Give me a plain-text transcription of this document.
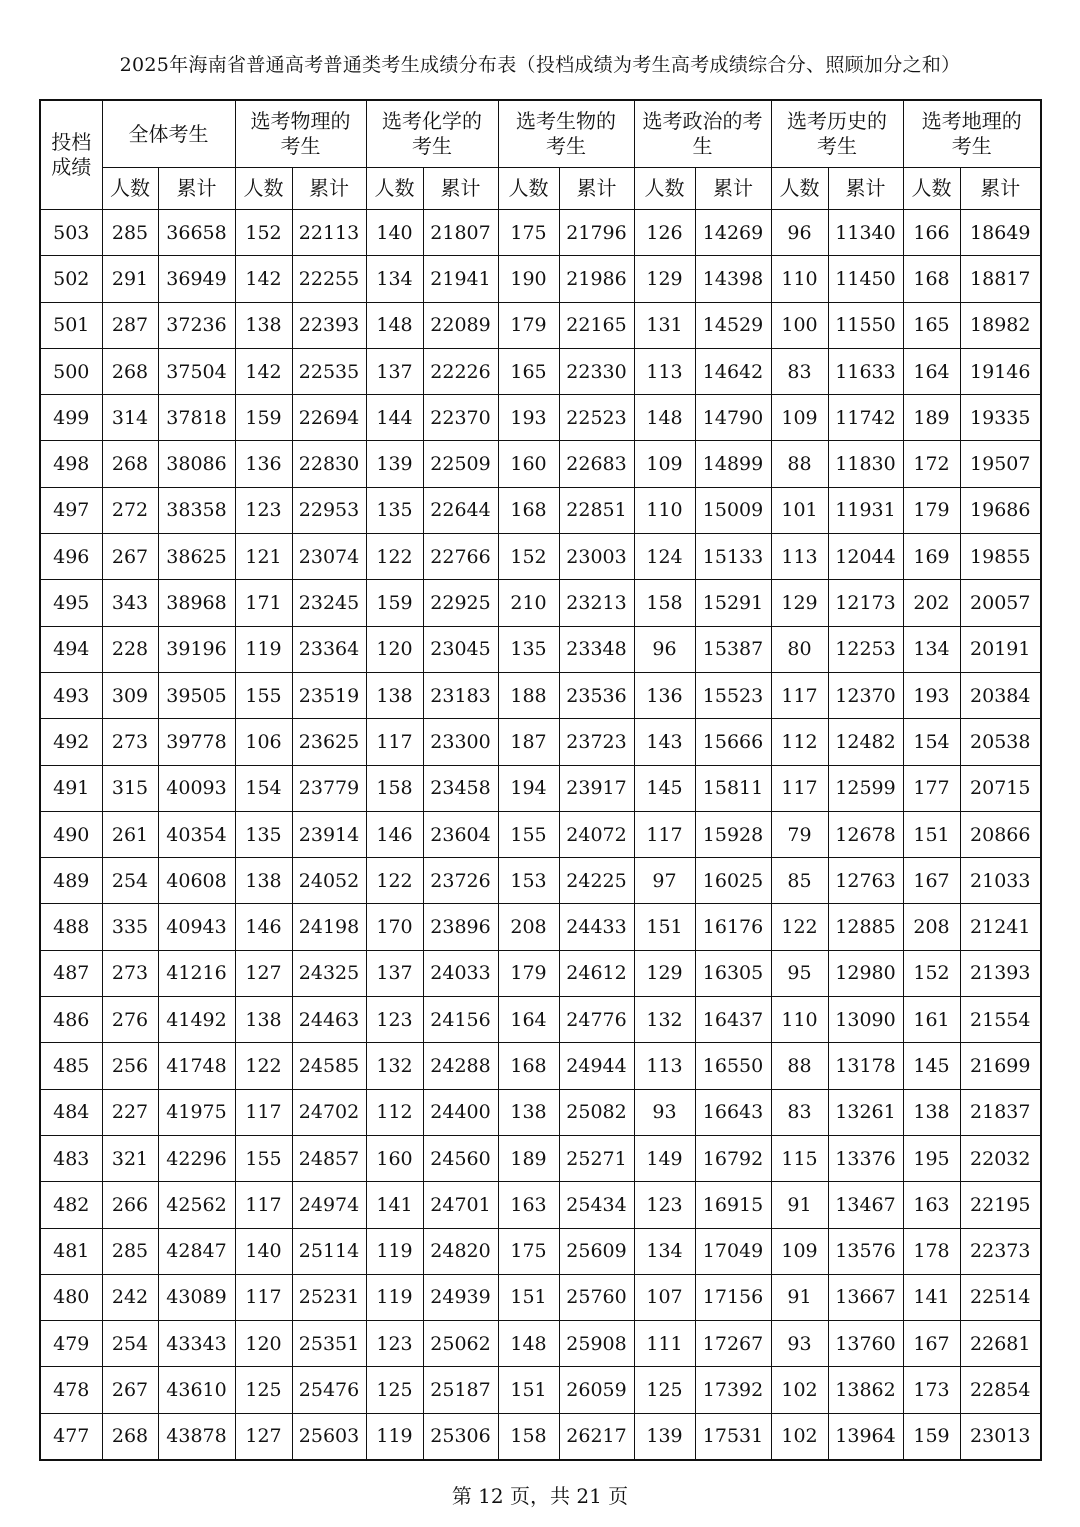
2025年海南省普通高考普通类考生成绩分布表（投档成绩为考生高考成绩综合分、照顾加分之和）
投档成绩	全体考生		选考物理的考生		选考化学的考生		选考生物的考生		选考政治的考生		选考历史的考生		选考地理的考生	
	人数	累计	人数	累计	人数	累计	人数	累计	人数	累计	人数	累计	人数	累计
503	285	36658	152	22113	140	21807	175	21796	126	14269	96	11340	166	18649
502	291	36949	142	22255	134	21941	190	21986	129	14398	110	11450	168	18817
501	287	37236	138	22393	148	22089	179	22165	131	14529	100	11550	165	18982
500	268	37504	142	22535	137	22226	165	22330	113	14642	83	11633	164	19146
499	314	37818	159	22694	144	22370	193	22523	148	14790	109	11742	189	19335
498	268	38086	136	22830	139	22509	160	22683	109	14899	88	11830	172	19507
497	272	38358	123	22953	135	22644	168	22851	110	15009	101	11931	179	19686
496	267	38625	121	23074	122	22766	152	23003	124	15133	113	12044	169	19855
495	343	38968	171	23245	159	22925	210	23213	158	15291	129	12173	202	20057
494	228	39196	119	23364	120	23045	135	23348	96	15387	80	12253	134	20191
493	309	39505	155	23519	138	23183	188	23536	136	15523	117	12370	193	20384
492	273	39778	106	23625	117	23300	187	23723	143	15666	112	12482	154	20538
491	315	40093	154	23779	158	23458	194	23917	145	15811	117	12599	177	20715
490	261	40354	135	23914	146	23604	155	24072	117	15928	79	12678	151	20866
489	254	40608	138	24052	122	23726	153	24225	97	16025	85	12763	167	21033
488	335	40943	146	24198	170	23896	208	24433	151	16176	122	12885	208	21241
487	273	41216	127	24325	137	24033	179	24612	129	16305	95	12980	152	21393
486	276	41492	138	24463	123	24156	164	24776	132	16437	110	13090	161	21554
485	256	41748	122	24585	132	24288	168	24944	113	16550	88	13178	145	21699
484	227	41975	117	24702	112	24400	138	25082	93	16643	83	13261	138	21837
483	321	42296	155	24857	160	24560	189	25271	149	16792	115	13376	195	22032
482	266	42562	117	24974	141	24701	163	25434	123	16915	91	13467	163	22195
481	285	42847	140	25114	119	24820	175	25609	134	17049	109	13576	178	22373
480	242	43089	117	25231	119	24939	151	25760	107	17156	91	13667	141	22514
479	254	43343	120	25351	123	25062	148	25908	111	17267	93	13760	167	22681
478	267	43610	125	25476	125	25187	151	26059	125	17392	102	13862	173	22854
477	268	43878	127	25603	119	25306	158	26217	139	17531	102	13964	159	23013
第 12 页，共 21 页
